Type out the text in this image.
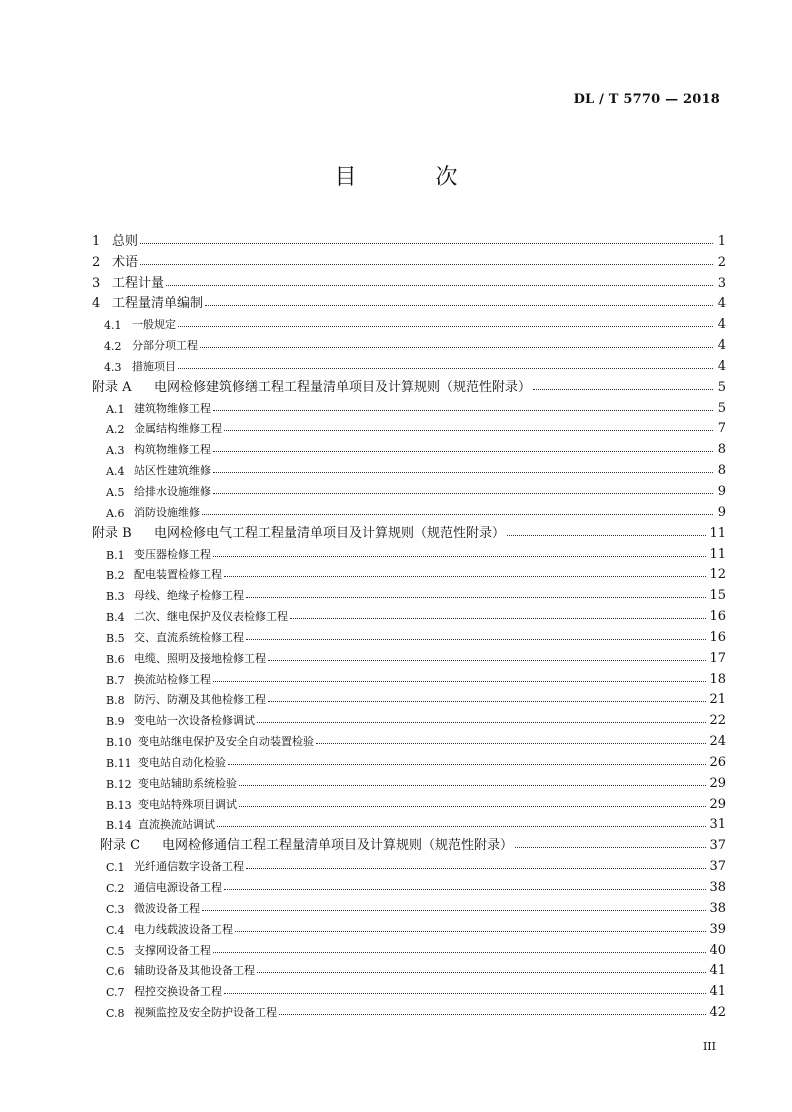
DL / T 5770 — 2018
目 次
1 总则	1
2 术语	2
3 工程计量	3
4 工程量清单编制	4
4.1 一般规定	4
4.2 分部分项工程	4
4.3 措施项目	4
附录 A	电网检修建筑修缮工程工程量清单项目及计算规则（规范性附录）	5
A.1 建筑物维修工程	5
A.2 金属结构维修工程	7
A.3 构筑物维修工程	8
A.4 站区性建筑维修	8
A.5 给排水设施维修	9
A.6 消防设施维修	9
附录 B	电网检修电气工程工程量清单项目及计算规则（规范性附录）	11
B.1 变压器检修工程	11
B.2 配电装置检修工程	12
B.3 母线、绝缘子检修工程	15
B.4 二次、继电保护及仪表检修工程	16
B.5 交、直流系统检修工程	16
B.6 电缆、照明及接地检修工程	17
B.7 换流站检修工程	18
B.8 防污、防潮及其他检修工程	21
B.9 变电站一次设备检修调试	22
B.10 变电站继电保护及安全自动装置检验	24
B.11 变电站自动化检验	26
B.12 变电站辅助系统检验	29
B.13 变电站特殊项目调试	29
B.14 直流换流站调试	31
附录 C	电网检修通信工程工程量清单项目及计算规则（规范性附录）	37
C.1 光纤通信数字设备工程	37
C.2 通信电源设备工程	38
C.3 微波设备工程	38
C.4 电力线载波设备工程	39
C.5 支撑网设备工程	40
C.6 辅助设备及其他设备工程	41
C.7 程控交换设备工程	41
C.8 视频监控及安全防护设备工程	42
III
